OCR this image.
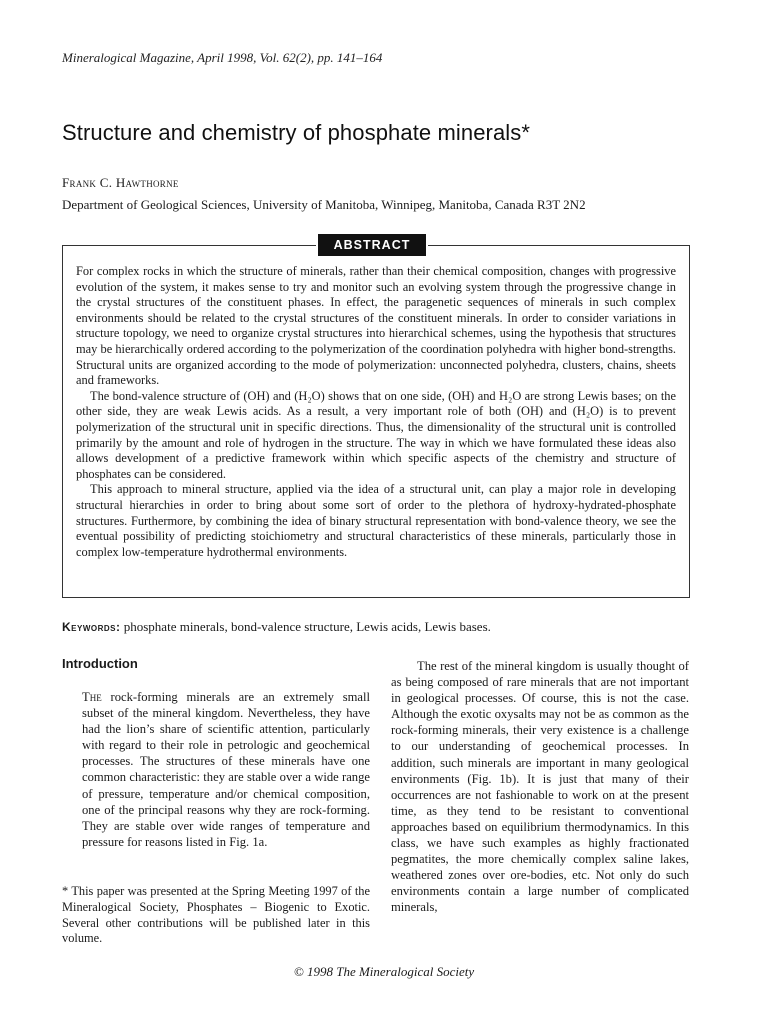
Mineralogical Magazine, April 1998, Vol. 62(2), pp. 141–164
Structure and chemistry of phosphate minerals*
Frank C. Hawthorne
Department of Geological Sciences, University of Manitoba, Winnipeg, Manitoba, Canada R3T 2N2
ABSTRACT

For complex rocks in which the structure of minerals, rather than their chemical composition, changes with progressive evolution of the system, it makes sense to try and monitor such an evolving system through the progressive change in the crystal structures of the constituent phases. In effect, the paragenetic sequences of minerals in such complex environments should be related to the crystal structures of the constituent minerals. In order to consider variations in structure topology, we need to organize crystal structures into hierarchical schemes, using the hypothesis that structures may be hierarchically ordered according to the polymerization of the coordination polyhedra with higher bond-strengths. Structural units are organized according to the mode of polymerization: unconnected polyhedra, clusters, chains, sheets and frameworks.

The bond-valence structure of (OH) and (H₂O) shows that on one side, (OH) and H₂O are strong Lewis bases; on the other side, they are weak Lewis acids. As a result, a very important role of both (OH) and (H₂O) is to prevent polymerization of the structural unit in specific directions. Thus, the dimensionality of the structural unit is controlled primarily by the amount and role of hydrogen in the structure. The way in which we have formulated these ideas also allows development of a predictive framework within which specific aspects of the chemistry and structure of phosphates can be considered.

This approach to mineral structure, applied via the idea of a structural unit, can play a major role in developing structural hierarchies in order to bring about some sort of order to the plethora of hydroxy-hydrated-phosphate structures. Furthermore, by combining the idea of binary structural representation with bond-valence theory, we see the eventual possibility of predicting stoichiometry and structural characteristics of these minerals, particularly those in complex low-temperature hydrothermal environments.

Keywords: phosphate minerals, bond-valence structure, Lewis acids, Lewis bases.
Introduction

The rock-forming minerals are an extremely small subset of the mineral kingdom. Nevertheless, they have had the lion’s share of scientific attention, particularly with regard to their role in petrologic and geochemical processes. The structures of these minerals have one common characteristic: they are stable over a wide range of pressure, temperature and/or chemical composition, one of the principal reasons why they are rock-forming. They are stable over wide ranges of temperature and pressure for reasons listed in Fig. 1a.

* This paper was presented at the Spring Meeting 1997 of the Mineralogical Society, Phosphates – Biogenic to Exotic. Several other contributions will be published later in this volume.

The rest of the mineral kingdom is usually thought of as being composed of rare minerals that are not important in geological processes. Of course, this is not the case. Although the exotic oxysalts may not be as common as the rock-forming minerals, their very existence is a challenge to our understanding of geochemical processes. In addition, such minerals are important in many geological environments (Fig. 1b). It is just that many of their occurrences are not fashionable to work on at the present time, as they tend to be resistant to conventional approaches based on equilibrium thermodynamics. In this class, we have such examples as highly fractionated pegmatites, the more chemically complex saline lakes, weathered zones over ore-bodies, etc. Not only do such environments contain a large number of complicated minerals,

© 1998 The Mineralogical Society
